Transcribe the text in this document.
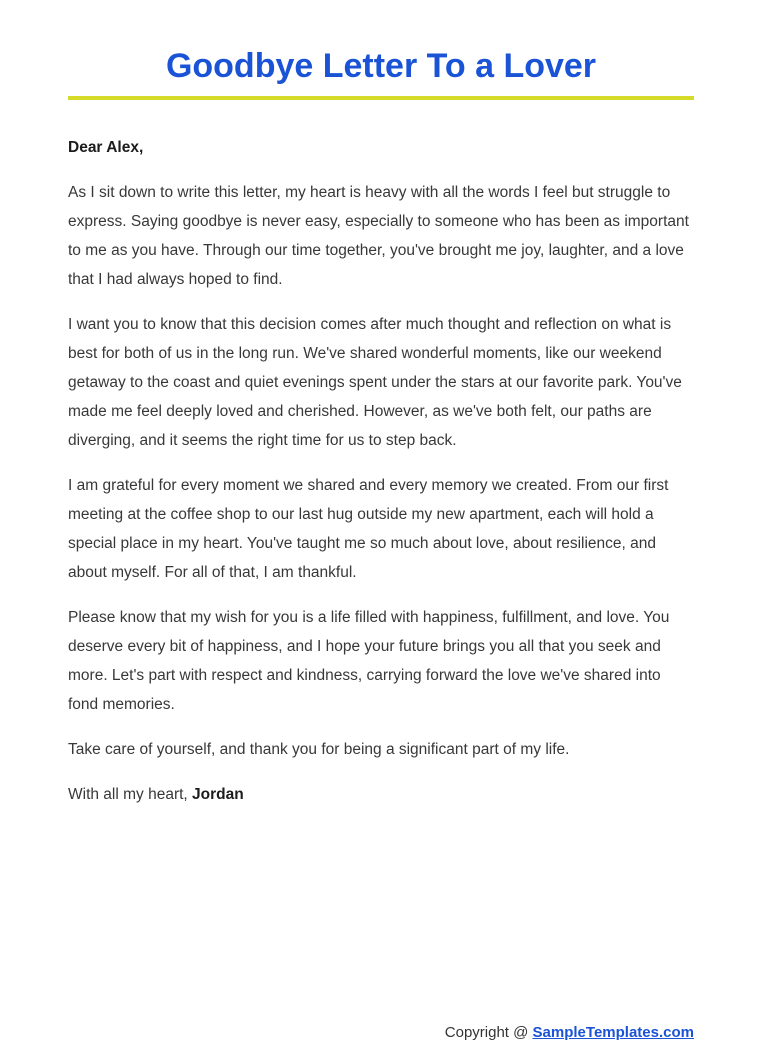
Goodbye Letter To a Lover

Dear Alex,

As I sit down to write this letter, my heart is heavy with all the words I feel but struggle to express. Saying goodbye is never easy, especially to someone who has been as important to me as you have. Through our time together, you've brought me joy, laughter, and a love that I had always hoped to find.

I want you to know that this decision comes after much thought and reflection on what is best for both of us in the long run. We've shared wonderful moments, like our weekend getaway to the coast and quiet evenings spent under the stars at our favorite park. You've made me feel deeply loved and cherished. However, as we've both felt, our paths are diverging, and it seems the right time for us to step back.

I am grateful for every moment we shared and every memory we created. From our first meeting at the coffee shop to our last hug outside my new apartment, each will hold a special place in my heart. You've taught me so much about love, about resilience, and about myself. For all of that, I am thankful.

Please know that my wish for you is a life filled with happiness, fulfillment, and love. You deserve every bit of happiness, and I hope your future brings you all that you seek and more. Let's part with respect and kindness, carrying forward the love we've shared into fond memories.

Take care of yourself, and thank you for being a significant part of my life.

With all my heart, Jordan

Copyright @ SampleTemplates.com
